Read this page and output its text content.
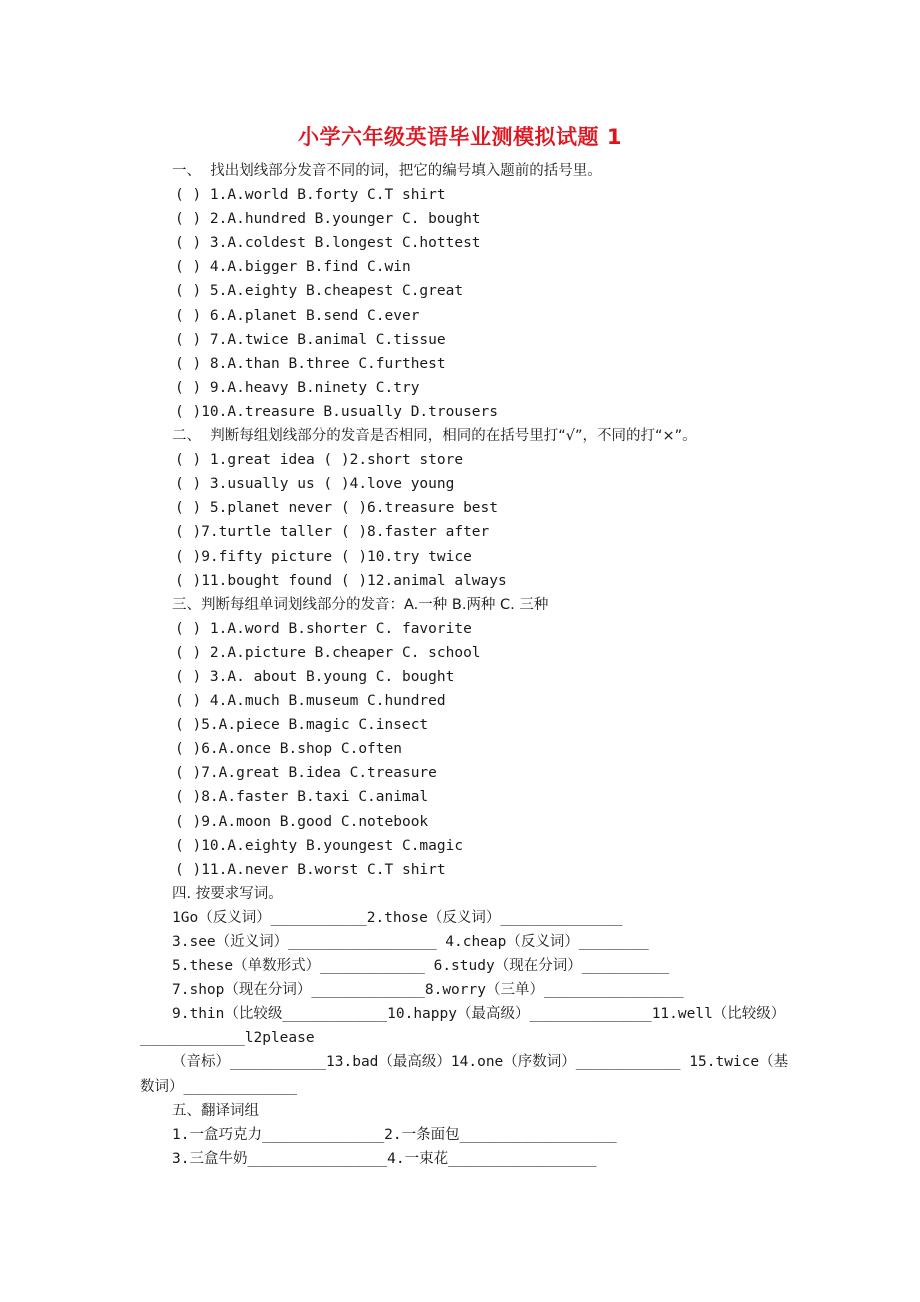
小学六年级英语毕业测模拟试题 1
一、  找出划线部分发音不同的词，把它的编号填入题前的括号里。
( ) 1.A.world B.forty C.T shirt
( ) 2.A.hundred B.younger C. bought
( ) 3.A.coldest B.longest C.hottest
( ) 4.A.bigger B.find C.win
( ) 5.A.eighty B.cheapest C.great
( ) 6.A.planet B.send C.ever
( ) 7.A.twice B.animal C.tissue
( ) 8.A.than B.three C.furthest
( ) 9.A.heavy B.ninety C.try
( )10.A.treasure B.usually D.trousers
二、  判断每组划线部分的发音是否相同，相同的在括号里打“√”，不同的打“×”。
( ) 1.great idea ( )2.short store
( ) 3.usually us ( )4.love young
( ) 5.planet never ( )6.treasure best
( )7.turtle taller ( )8.faster after
( )9.fifty picture ( )10.try twice
( )11.bought found ( )12.animal always
三、判断每组单词划线部分的发音：A.一种 B.两种 C. 三种
( ) 1.A.word B.shorter C. favorite
( ) 2.A.picture B.cheaper C. school
( ) 3.A. about B.young C. bought
( ) 4.A.much B.museum C.hundred
( )5.A.piece B.magic C.insect
( )6.A.once B.shop C.often
( )7.A.great B.idea C.treasure
( )8.A.faster B.taxi C.animal
( )9.A.moon B.good C.notebook
( )10.A.eighty B.youngest C.magic
( )11.A.never B.worst C.T shirt
四. 按要求写词。
1Go（反义词）___________2.those（反义词）______________
3.see（近义词）_________________ 4.cheap（反义词）________
5.these（单数形式）____________ 6.study（现在分词）__________
7.shop（现在分词）_____________8.worry（三单）________________
9.thin（比较级____________10.happy（最高级）______________11.well（比较级）
____________l2please
（音标）___________13.bad（最高级）14.one（序数词）____________ 15.twice（基
数词）_____________
五、翻译词组
1.一盒巧克力______________2.一条面包__________________
3.三盒牛奶________________4.一束花_________________
